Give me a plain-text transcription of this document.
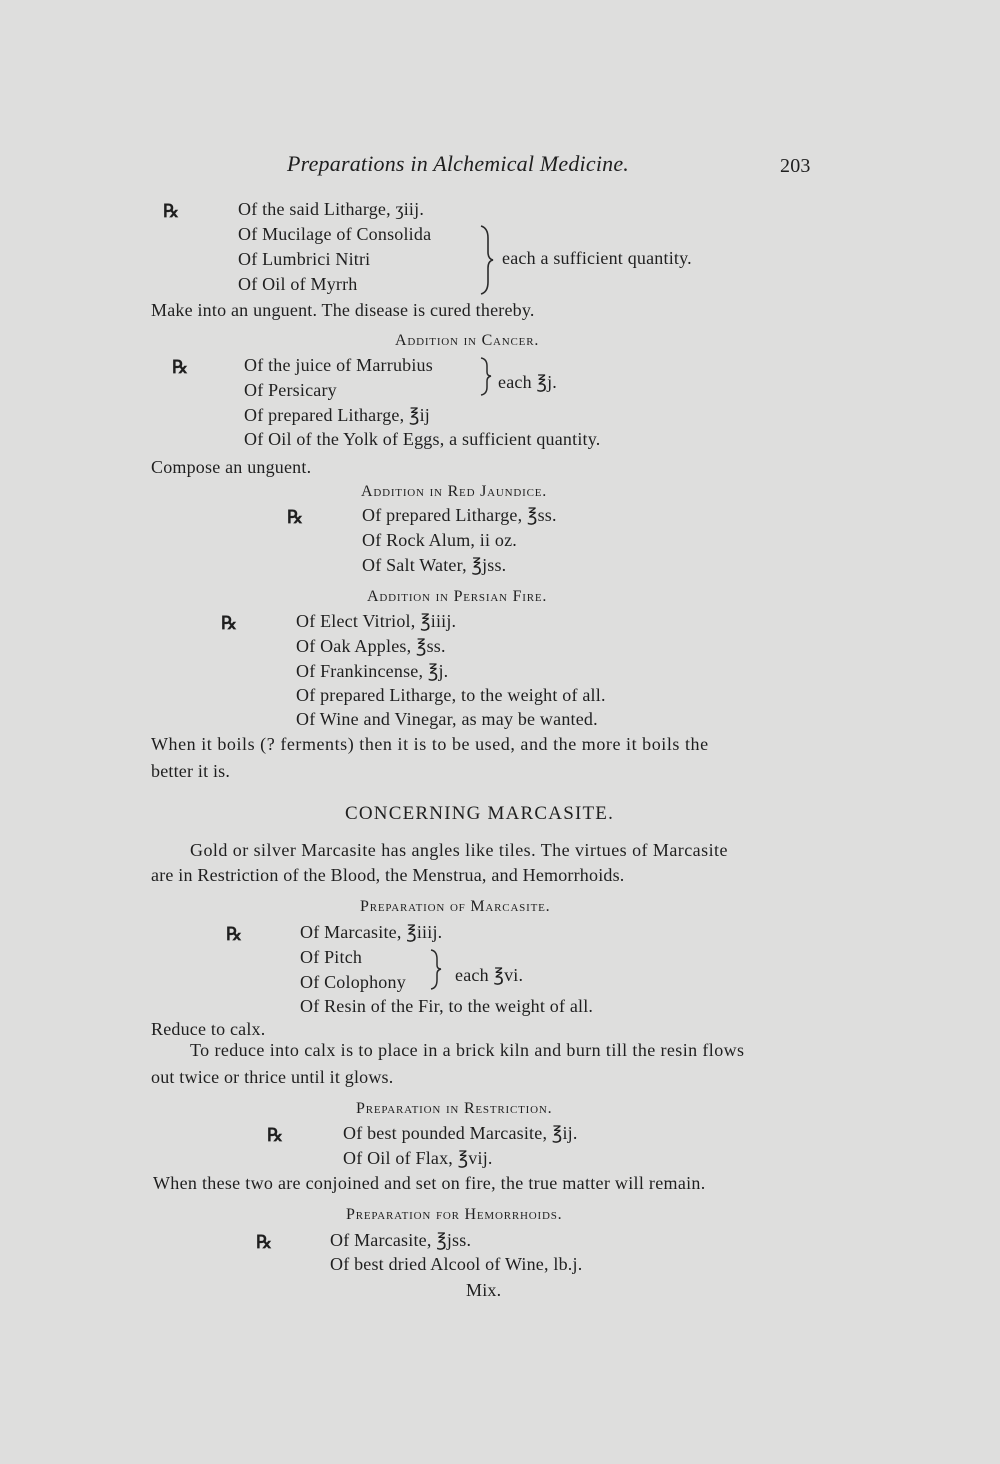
Preparations in Alchemical Medicine.	203
℞	Of the said Litharge, ʒiij.
Of Mucilage of Consolida
Of Lumbrici Nitri
Of Oil of Myrrh
each a sufficient quantity.
Make into an unguent. The disease is cured thereby.
Addition in Cancer.
℞	Of the juice of Marrubius
Of Persicary	each ℥j.
Of prepared Litharge, ℥ij
Of Oil of the Yolk of Eggs, a sufficient quantity.
Compose an unguent.
Addition in Red Jaundice.
℞	Of prepared Litharge, ℥ss.
Of Rock Alum, ii oz.
Of Salt Water, ℥jss.
Addition in Persian Fire.
℞	Of Elect Vitriol, ℥iiij.
Of Oak Apples, ℥ss.
Of Frankincense, ℥j.
Of prepared Litharge, to the weight of all.
Of Wine and Vinegar, as may be wanted.
When it boils (? ferments) then it is to be used, and the more it boils the
better it is.
CONCERNING MARCASITE.
Gold or silver Marcasite has angles like tiles. The virtues of Marcasite
are in Restriction of the Blood, the Menstrua, and Hemorrhoids.
Preparation of Marcasite.
℞	Of Marcasite, ℥iiij.
Of Pitch
Of Colophony	each ℥vi.
Of Resin of the Fir, to the weight of all.
Reduce to calx.
To reduce into calx is to place in a brick kiln and burn till the resin flows
out twice or thrice until it glows.
Preparation in Restriction.
℞	Of best pounded Marcasite, ℥ij.
Of Oil of Flax, ℥vij.
When these two are conjoined and set on fire, the true matter will remain.
Preparation for Hemorrhoids.
℞	Of Marcasite, ℥jss.
Of best dried Alcool of Wine, lb.j.
Mix.
